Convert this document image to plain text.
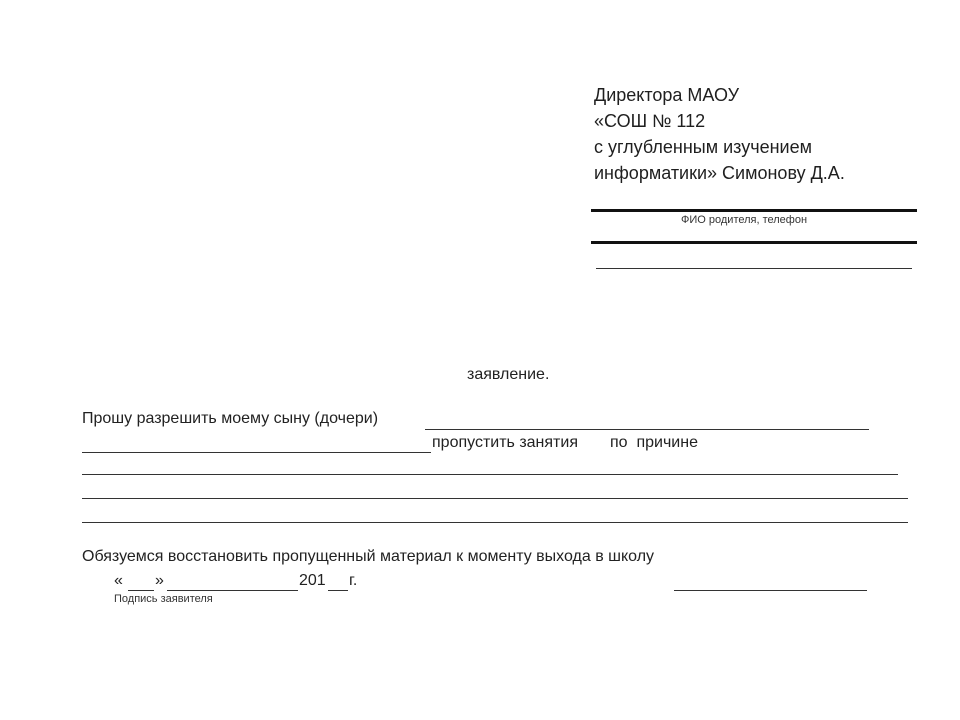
Директора МАОУ
«СОШ № 112
с углубленным изучением
информатики» Симонову Д.А.
ФИО родителя, телефон
заявление.
Прошу разрешить моему сыну (дочери)
пропустить занятия по  причине
Обязуемся восстановить пропущенный материал к моменту выхода в школу
« »	201 г.
Подпись заявителя
